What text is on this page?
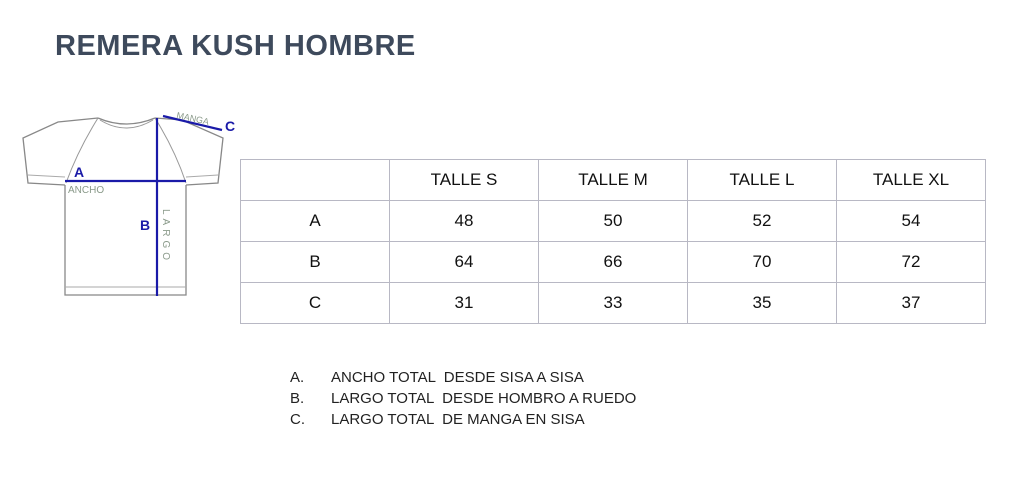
REMERA KUSH HOMBRE
A
B
C
ANCHO
MANGA
LARGO
	TALLE S	TALLE M	TALLE L	TALLE XL
A	48	50	52	54
B	64	66	70	72
C	31	33	35	37
A.	ANCHO TOTAL  DESDE SISA A SISA
B.	LARGO TOTAL  DESDE HOMBRO A RUEDO
C.	LARGO TOTAL  DE MANGA EN SISA
